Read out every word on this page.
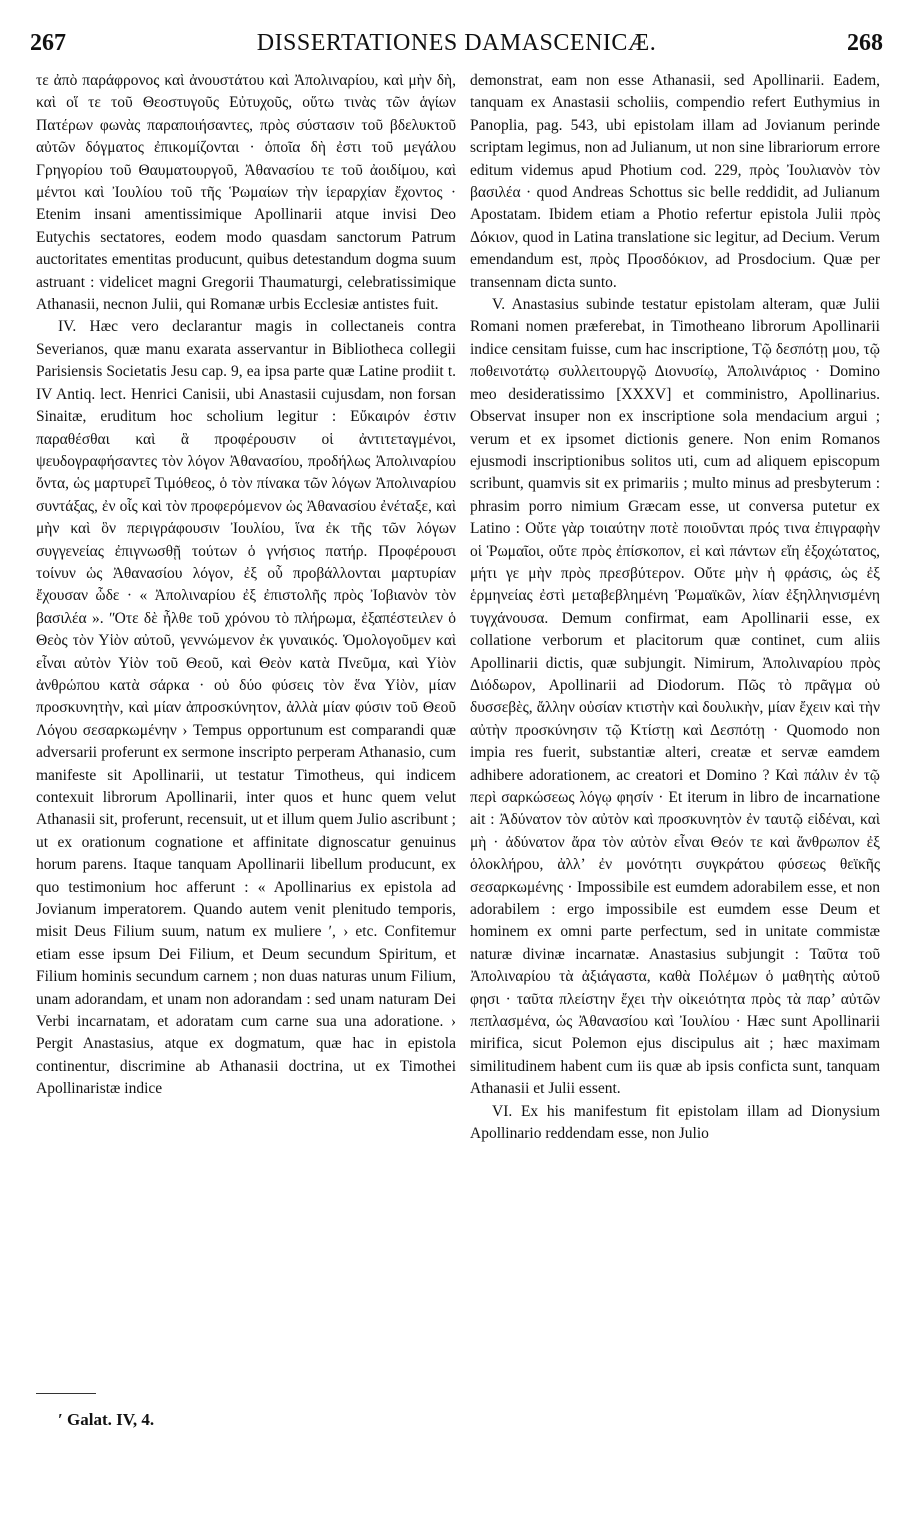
267	DISSERTATIONES DAMASCENICÆ.	268

τε ἀπὸ παράφρονος καὶ ἀνουστάτου καὶ Ἀπολιναρίου, καὶ μὴν δὴ, καὶ οἵ τε τοῦ Θεοστυγοῦς Εὐτυχοῦς, οὕτω τινὰς τῶν ἁγίων Πατέρων φωνὰς παραποιήσαντες, πρὸς σύστασιν τοῦ βδελυκτοῦ αὐτῶν δόγματος ἐπικομίζονται · ὁποῖα δὴ ἐστι τοῦ μεγάλου Γρηγορίου τοῦ Θαυματουργοῦ, Ἀθανασίου τε τοῦ ἀοιδίμου, καὶ μέντοι καὶ Ἰουλίου τοῦ τῆς Ῥωμαίων τὴν ἱεραρχίαν ἔχοντος · Etenim insani amentissimique Apollinarii atque invisi Deo Eutychis sectatores, eodem modo quasdam sanctorum Patrum auctoritates ementitas producunt, quibus detestandum dogma suum astruant : videlicet magni Gregorii Thaumaturgi, celebratissimique Athanasii, necnon Julii, qui Romanæ urbis Ecclesiæ antistes fuit.

IV. Hæc vero declarantur magis in collectaneis contra Severianos, quæ manu exarata asservantur in Bibliotheca collegii Parisiensis Societatis Jesu cap. 9, ea ipsa parte quæ Latine prodiit t. IV Antiq. lect. Henrici Canisii, ubi Anastasii cujusdam, non forsan Sinaitæ, eruditum hoc scholium legitur : Εὔκαιρόν ἐστιν παραθέσθαι καὶ ἃ προφέρουσιν οἱ ἀντιτεταγμένοι, ψευδογραφήσαντες τὸν λόγον Ἀθανασίου, προδήλως Ἀπολιναρίου ὄντα, ὡς μαρτυρεῖ Τιμόθεος, ὁ τὸν πίνακα τῶν λόγων Ἀπολιναρίου συντάξας, ἐν οἷς καὶ τὸν προφερόμενον ὡς Ἀθανασίου ἐνέταξε, καὶ μὴν καὶ ὃν περιγράφουσιν Ἰουλίου, ἵνα ἐκ τῆς τῶν λόγων συγγενείας ἐπιγνωσθῇ τούτων ὁ γνήσιος πατήρ. Προφέρουσι τοίνυν ὡς Ἀθανασίου λόγον, ἐξ οὗ προβάλλονται μαρτυρίαν ἔχουσαν ὧδε · « Ἀπολιναρίου ἐξ ἐπιστολῆς πρὸς Ἰοβιανὸν τὸν βασιλέα ». ʺΟτε δὲ ἦλθε τοῦ χρόνου τὸ πλήρωμα, ἐξαπέστειλεν ὁ Θεὸς τὸν Υἱὸν αὐτοῦ, γεννώμενον ἐκ γυναικός. Ὁμολογοῦμεν καὶ εἶναι αὐτὸν Υἱὸν τοῦ Θεοῦ, καὶ Θεὸν κατὰ Πνεῦμα, καὶ Υἱὸν ἀνθρώπου κατὰ σάρκα · οὐ δύο φύσεις τὸν ἕνα Υἱὸν, μίαν προσκυνητὴν, καὶ μίαν ἀπροσκύνητον, ἀλλὰ μίαν φύσιν τοῦ Θεοῦ Λόγου σεσαρκωμένην › Tempus opportunum est comparandi quæ adversarii proferunt ex sermone inscripto perperam Athanasio, cum manifeste sit Apollinarii, ut testatur Timotheus, qui indicem contexuit librorum Apollinarii, inter quos et hunc quem velut Athanasii sit, proferunt, recensuit, ut et illum quem Julio ascribunt ; ut ex orationum cognatione et affinitate dignoscatur genuinus horum parens. Itaque tanquam Apollinarii libellum producunt, ex quo testimonium hoc afferunt : « Apollinarius ex epistola ad Jovianum imperatorem. Quando autem venit plenitudo temporis, misit Deus Filium suum, natum ex muliere ʹ, › etc. Confitemur etiam esse ipsum Dei Filium, et Deum secundum Spiritum, et Filium hominis secundum carnem ; non duas naturas unum Filium, unam adorandam, et unam non adorandam : sed unam naturam Dei Verbi incarnatam, et adoratam cum carne sua una adoratione. › Pergit Anastasius, atque ex dogmatum, quæ hac in epistola continentur, discrimine ab Athanasii doctrina, ut ex Timothei Apollinaristæ indice

demonstrat, eam non esse Athanasii, sed Apollinarii. Eadem, tanquam ex Anastasii scholiis, compendio refert Euthymius in Panoplia, pag. 543, ubi epistolam illam ad Jovianum perinde scriptam legimus, non ad Julianum, ut non sine librariorum errore editum videmus apud Photium cod. 229, πρὸς Ἰουλιανὸν τὸν βασιλέα · quod Andreas Schottus sic belle reddidit, ad Julianum Apostatam. Ibidem etiam a Photio refertur epistola Julii πρὸς Δόκιον, quod in Latina translatione sic legitur, ad Decium. Verum emendandum est, πρὸς Προσδόκιον, ad Prosdocium. Quæ per transennam dicta sunto.

V. Anastasius subinde testatur epistolam alteram, quæ Julii Romani nomen præferebat, in Timotheano librorum Apollinarii indice censitam fuisse, cum hac inscriptione, Τῷ δεσπότῃ μου, τῷ ποθεινοτάτῳ συλλειτουργῷ Διονυσίῳ, Ἀπολινάριος · Domino meo desideratissimo [XXXV] et comministro, Apollinarius. Observat insuper non ex inscriptione sola mendacium argui ; verum et ex ipsomet dictionis genere. Non enim Romanos ejusmodi inscriptionibus solitos uti, cum ad aliquem episcopum scribunt, quamvis sit ex primariis ; multo minus ad presbyterum : phrasim porro nimium Græcam esse, ut conversa putetur ex Latino : Οὔτε γὰρ τοιαύτην ποτὲ ποιοῦνται πρός τινα ἐπιγραφὴν οἱ Ῥωμαῖοι, οὔτε πρὸς ἐπίσκοπον, εἰ καὶ πάντων εἴη ἐξοχώτατος, μήτι γε μὴν πρὸς πρεσβύτερον. Οὔτε μὴν ἡ φράσις, ὡς ἐξ ἑρμηνείας ἐστὶ μεταβεβλημένη Ῥωμαϊκῶν, λίαν ἐξηλληνισμένη τυγχάνουσα. Demum confirmat, eam Apollinarii esse, ex collatione verborum et placitorum quæ continet, cum aliis Apollinarii dictis, quæ subjungit. Nimirum, Ἀπολιναρίου πρὸς Διόδωρον, Apollinarii ad Diodorum. Πῶς τὸ πρᾶγμα οὐ δυσσεβὲς, ἄλλην οὐσίαν κτιστὴν καὶ δουλικὴν, μίαν ἔχειν καὶ τὴν αὐτὴν προσκύνησιν τῷ Κτίστῃ καὶ Δεσπότῃ · Quomodo non impia res fuerit, substantiæ alteri, creatæ et servæ eamdem adhibere adorationem, ac creatori et Domino ? Καὶ πάλιν ἐν τῷ περὶ σαρκώσεως λόγῳ φησίν · Et iterum in libro de incarnatione ait : Ἀδύνατον τὸν αὐτὸν καὶ προσκυνητὸν ἐν ταυτῷ εἰδέναι, καὶ μὴ · ἀδύνατον ἄρα τὸν αὐτὸν εἶναι Θεόν τε καὶ ἄνθρωπον ἐξ ὁλοκλήρου, ἀλλ’ ἐν μονότητι συγκράτου φύσεως θεϊκῆς σεσαρκωμένης · Impossibile est eumdem adorabilem esse, et non adorabilem : ergo impossibile est eumdem esse Deum et hominem ex omni parte perfectum, sed in unitate commistæ naturæ divinæ incarnatæ. Anastasius subjungit : Ταῦτα τοῦ Ἀπολιναρίου τὰ ἀξιάγαστα, καθὰ Πολέμων ὁ μαθητὴς αὐτοῦ φησι · ταῦτα πλείστην ἔχει τὴν οἰκειότητα πρὸς τὰ παρ’ αὐτῶν πεπλασμένα, ὡς Ἀθανασίου καὶ Ἰουλίου · Hæc sunt Apollinarii mirifica, sicut Polemon ejus discipulus ait ; hæc maximam similitudinem habent cum iis quæ ab ipsis conficta sunt, tanquam Athanasii et Julii essent.

VI. Ex his manifestum fit epistolam illam ad Dionysium Apollinario reddendam esse, non Julio

ʹ Galat. IV, 4.
